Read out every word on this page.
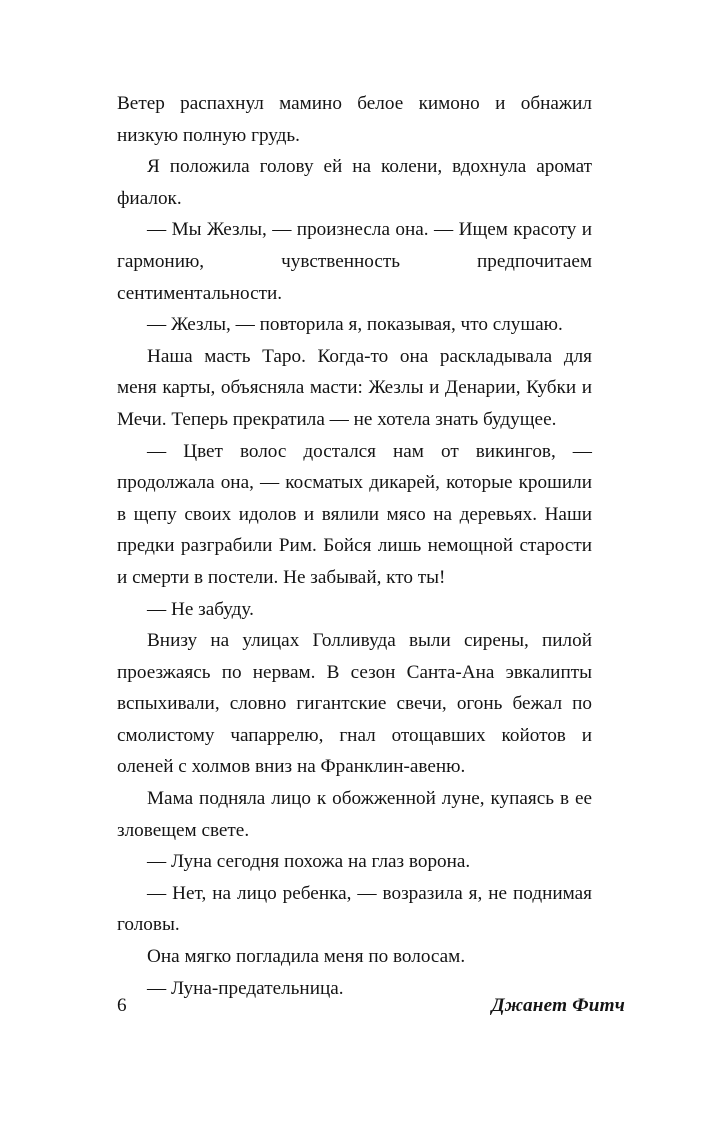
Ветер распахнул мамино белое кимоно и обнажил низкую полную грудь.

Я положила голову ей на колени, вдохнула аромат фиалок.

— Мы Жезлы, — произнесла она. — Ищем красоту и гармонию, чувственность предпочитаем сентиментальности.

— Жезлы, — повторила я, показывая, что слушаю.

Наша масть Таро. Когда-то она раскладывала для меня карты, объясняла масти: Жезлы и Денарии, Кубки и Мечи. Теперь прекратила — не хотела знать будущее.

— Цвет волос достался нам от викингов, — продолжала она, — косматых дикарей, которые крошили в щепу своих идолов и вялили мясо на деревьях. Наши предки разграбили Рим. Бойся лишь немощной старости и смерти в постели. Не забывай, кто ты!

— Не забуду.

Внизу на улицах Голливуда выли сирены, пилой проезжаясь по нервам. В сезон Санта-Ана эвкалипты вспыхивали, словно гигантские свечи, огонь бежал по смолистому чапаррелю, гнал отощавших койотов и оленей с холмов вниз на Франклин-авеню.

Мама подняла лицо к обожженной луне, купаясь в ее зловещем свете.

— Луна сегодня похожа на глаз ворона.

— Нет, на лицо ребенка, — возразила я, не поднимая головы.

Она мягко погладила меня по волосам.

— Луна-предательница.

6	Джанет Фитч
